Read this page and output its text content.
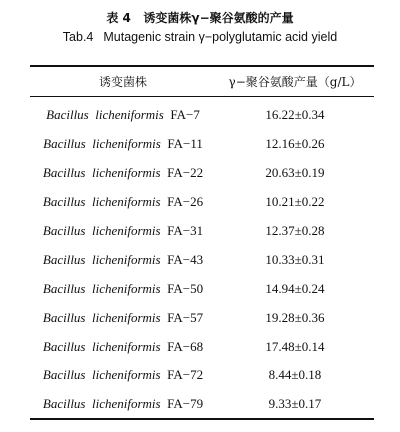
表 4 诱变菌株γ−聚谷氨酸的产量
Tab.4 Mutagenic strain γ−polyglutamic acid yield
诱变菌株	γ−聚谷氨酸产量（g/L）
Bacillus  licheniformis  FA−7	16.22±0.34
Bacillus  licheniformis  FA−11	12.16±0.26
Bacillus  licheniformis  FA−22	20.63±0.19
Bacillus  licheniformis  FA−26	10.21±0.22
Bacillus  licheniformis  FA−31	12.37±0.28
Bacillus  licheniformis  FA−43	10.33±0.31
Bacillus  licheniformis  FA−50	14.94±0.24
Bacillus  licheniformis  FA−57	19.28±0.36
Bacillus  licheniformis  FA−68	17.48±0.14
Bacillus  licheniformis  FA−72	8.44±0.18
Bacillus  licheniformis  FA−79	9.33±0.17
